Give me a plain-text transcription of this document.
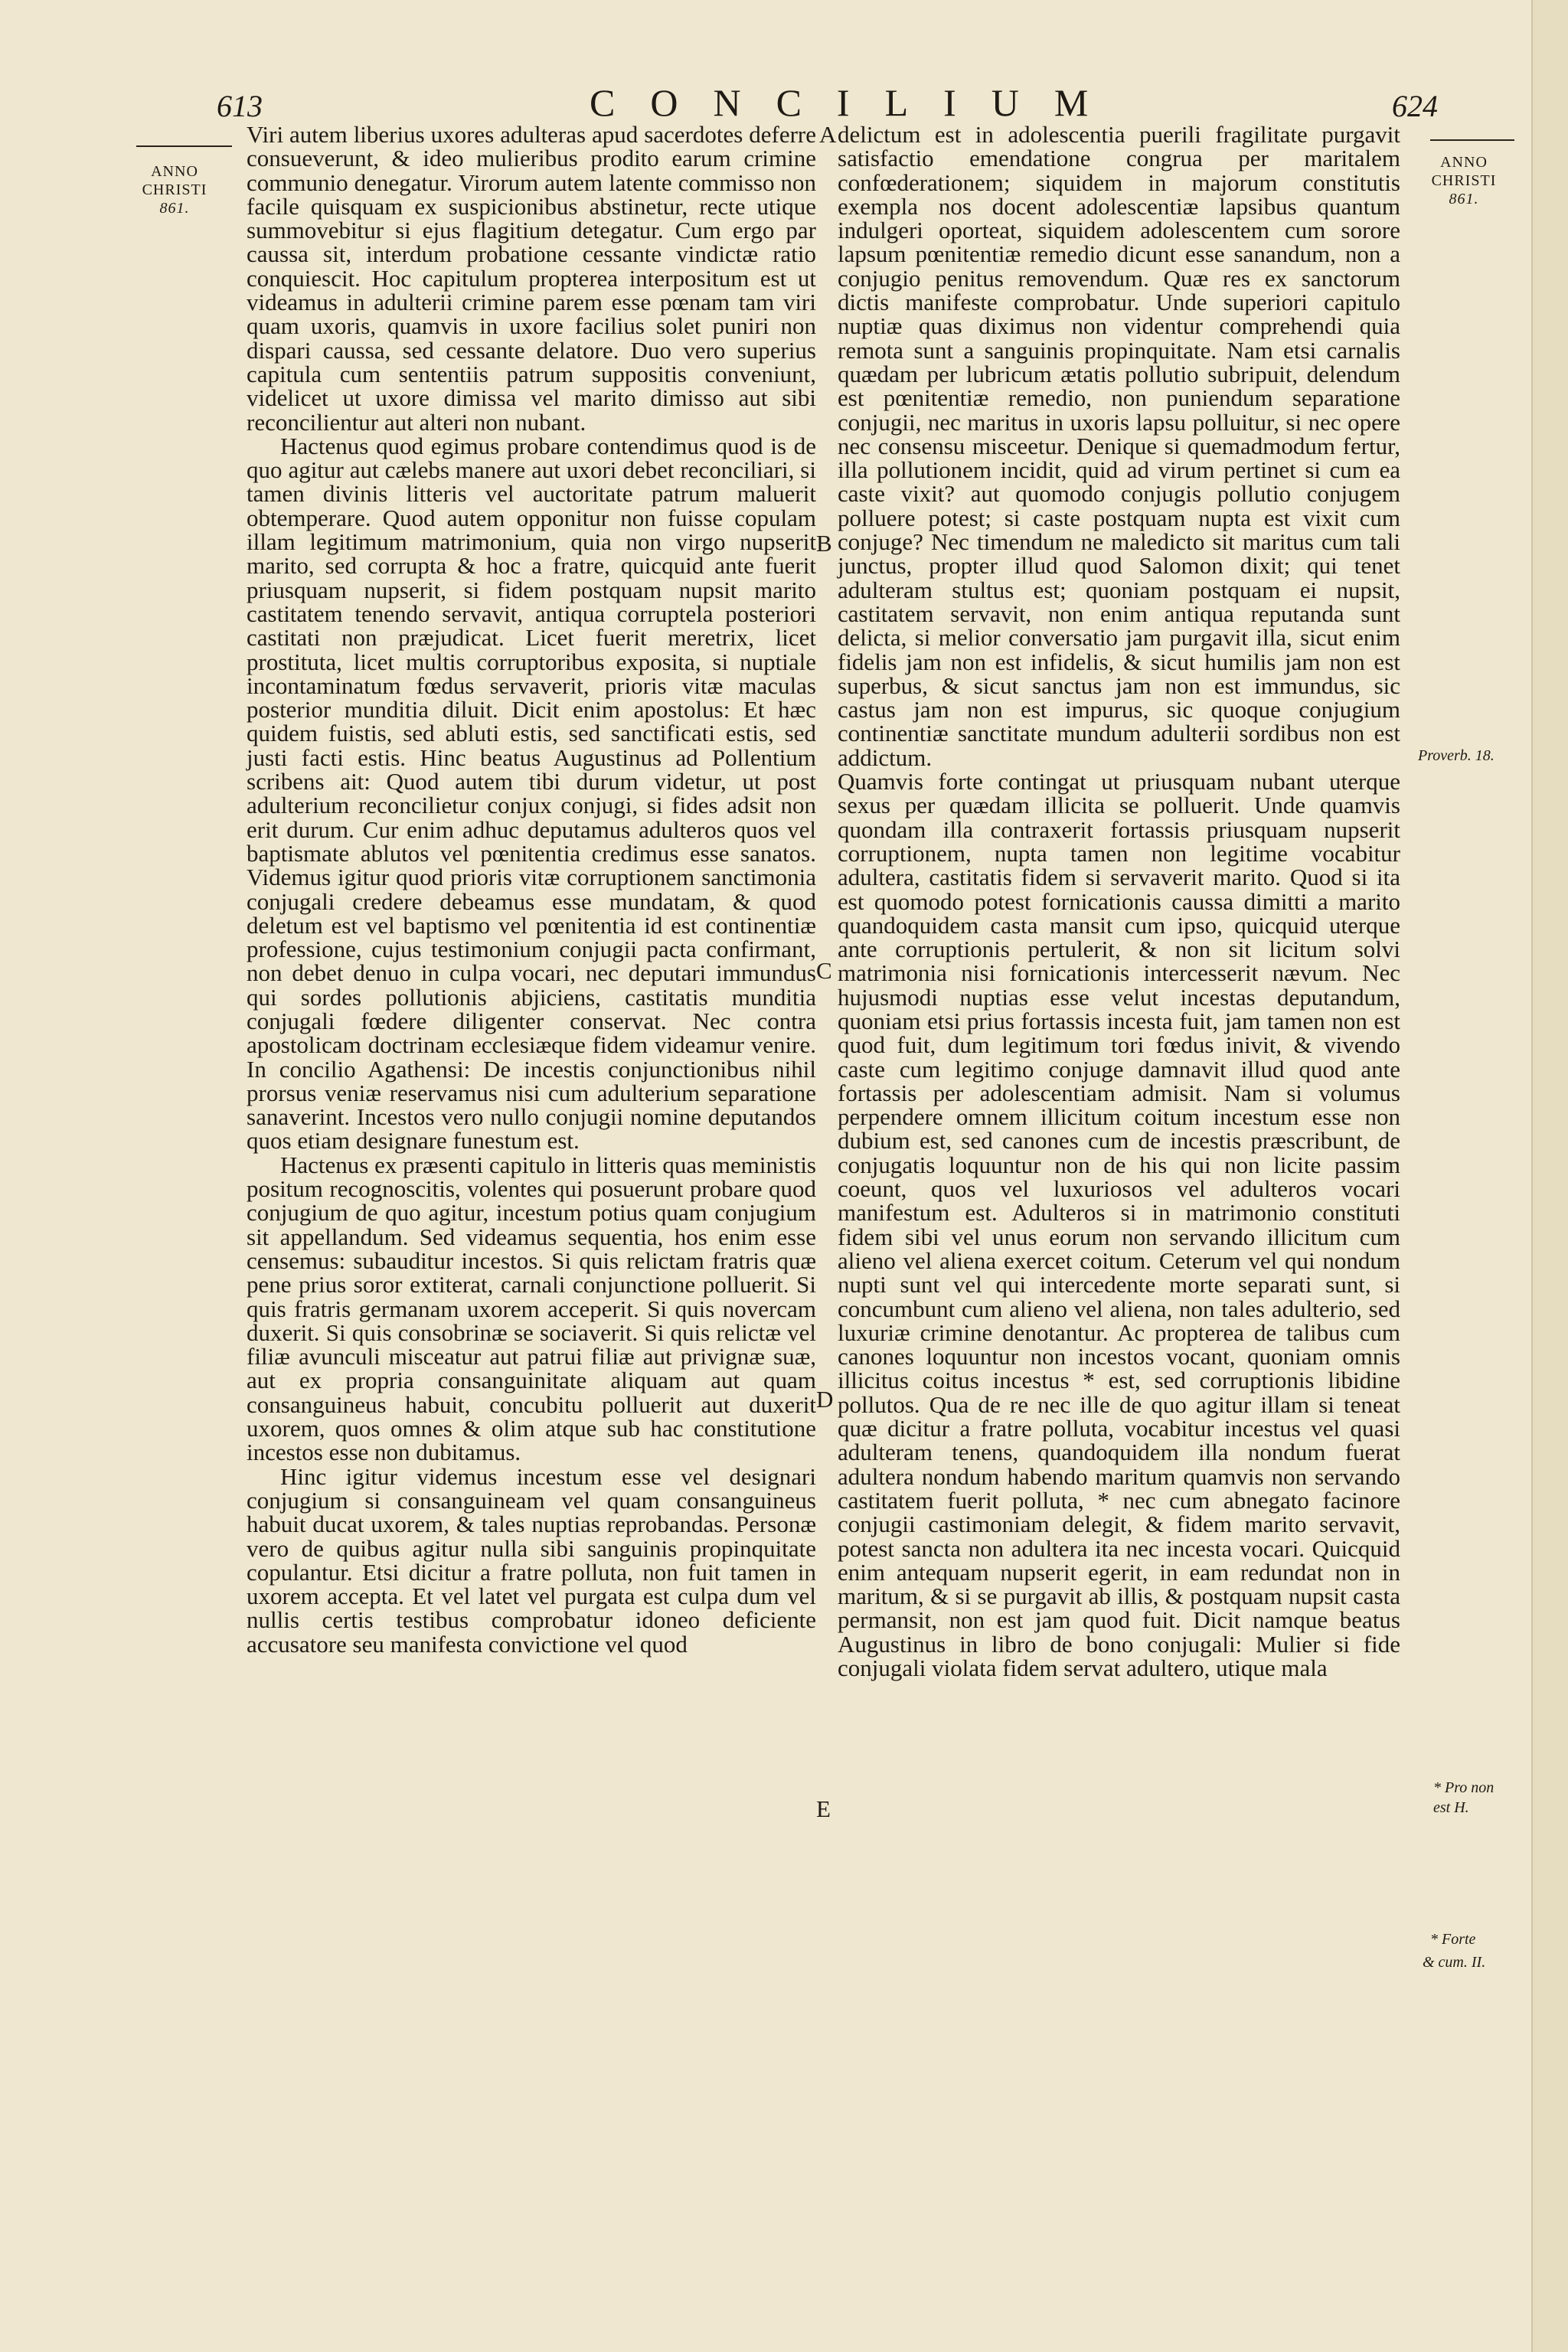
613	CONCILIUM	624
ANNO
CHRISTI
861.
ANNO
CHRISTI
861.

Viri autem liberius uxores adulteras apud sacerdotes deferre consueverunt, & ideo mulieribus prodito earum crimine communio denegatur. Virorum autem latente commisso non facile quisquam ex suspicionibus abstinetur, recte utique summovebitur si ejus flagitium detegatur. Cum ergo par caussa sit, interdum probatione cessante vindictæ ratio conquiescit. Hoc capitulum propterea interpositum est ut videamus in adulterii crimine parem esse pœnam tam viri quam uxoris, quamvis in uxore facilius solet puniri non dispari caussa, sed cessante delatore. Duo vero superius capitula cum sententiis patrum suppositis conveniunt, videlicet ut uxore dimissa vel marito dimisso aut sibi reconcilientur aut alteri non nubant.

Hactenus quod egimus probare contendimus quod is de quo agitur aut cælebs manere aut uxori debet reconciliari, si tamen divinis litteris vel auctoritate patrum maluerit obtemperare. Quod autem opponitur non fuisse copulam illam legitimum matrimonium, quia non virgo nupserit marito, sed corrupta & hoc a fratre, quicquid ante fuerit priusquam nupserit, si fidem postquam nupsit marito castitatem tenendo servavit, antiqua corruptela posteriori castitati non præjudicat. Licet fuerit meretrix, licet prostituta, licet multis corruptoribus exposita, si nuptiale incontaminatum fœdus servaverit, prioris vitæ maculas posterior munditia diluit. Dicit enim apostolus: Et hæc quidem fuistis, sed abluti estis, sed sanctificati estis, sed justi facti estis. Hinc beatus Augustinus ad Pollentium scribens ait: Quod autem tibi durum videtur, ut post adulterium reconcilietur conjux conjugi, si fides adsit non erit durum. Cur enim adhuc deputamus adulteros quos vel baptismate ablutos vel pœnitentia credimus esse sanatos. Videmus igitur quod prioris vitæ corruptionem sanctimonia conjugali credere debeamus esse mundatam, & quod deletum est vel baptismo vel pœnitentia id est continentiæ professione, cujus testimonium conjugii pacta confirmant, non debet denuo in culpa vocari, nec deputari immundus qui sordes pollutionis abjiciens, castitatis munditia conjugali fœdere diligenter conservat. Nec contra apostolicam doctrinam ecclesiæque fidem videamur venire. In concilio Agathensi: De incestis conjunctionibus nihil prorsus veniæ reservamus nisi cum adulterium separatione sanaverint. Incestos vero nullo conjugii nomine deputandos quos etiam designare funestum est.

Hactenus ex præsenti capitulo in litteris quas meministis positum recognoscitis, volentes qui posuerunt probare quod conjugium de quo agitur, incestum potius quam conjugium sit appellandum. Sed videamus sequentia, hos enim esse censemus: subauditur incestos. Si quis relictam fratris quæ pene prius soror extiterat, carnali conjunctione polluerit. Si quis fratris germanam uxorem acceperit. Si quis novercam duxerit. Si quis consobrinæ se sociaverit. Si quis relictæ vel filiæ avunculi misceatur aut patrui filiæ aut privignæ suæ, aut ex propria consanguinitate aliquam aut quam consanguineus habuit, concubitu polluerit aut duxerit uxorem, quos omnes & olim atque sub hac constitutione incestos esse non dubitamus.

Hinc igitur videmus incestum esse vel designari conjugium si consanguineam vel quam consanguineus habuit ducat uxorem, & tales nuptias reprobandas. Personæ vero de quibus agitur nulla sibi sanguinis propinquitate copulantur. Etsi dicitur a fratre polluta, non fuit tamen in uxorem accepta. Et vel latet vel purgata est culpa dum vel nullis certis testibus comprobatur idoneo deficiente accusatore seu manifesta convictione vel quod

delictum est in adolescentia puerili fragilitate purgavit satisfactio emendatione congrua per maritalem confœderationem; siquidem in majorum constitutis exempla nos docent adolescentiæ lapsibus quantum indulgeri oporteat, siquidem adolescentem cum sorore lapsum pœnitentiæ remedio dicunt esse sanandum, non a conjugio penitus removendum. Quæ res ex sanctorum dictis manifeste comprobatur. Unde superiori capitulo nuptiæ quas diximus non videntur comprehendi quia remota sunt a sanguinis propinquitate. Nam etsi carnalis quædam per lubricum ætatis pollutio subripuit, delendum est pœnitentiæ remedio, non puniendum separatione conjugii, nec maritus in uxoris lapsu polluitur, si nec opere nec consensu misceetur. Denique si quemadmodum fertur, illa pollutionem incidit, quid ad virum pertinet si cum ea caste vixit? aut quomodo conjugis pollutio conjugem polluere potest; si caste postquam nupta est vixit cum conjuge? Nec timendum ne maledicto sit maritus cum tali junctus, propter illud quod Salomon dixit; qui tenet adulteram stultus est; quoniam postquam ei nupsit, castitatem servavit, non enim antiqua reputanda sunt delicta, si melior conversatio jam purgavit illa, sicut enim fidelis jam non est infidelis, & sicut humilis jam non est superbus, & sicut sanctus jam non est immundus, sic castus jam non est impurus, sic quoque conjugium continentiæ sanctitate mundum adulterii sordibus non est addictum.

Quamvis forte contingat ut priusquam nubant uterque sexus per quædam illicita se polluerit. Unde quamvis quondam illa contraxerit fortassis priusquam nupserit corruptionem, nupta tamen non legitime vocabitur adultera, castitatis fidem si servaverit marito. Quod si ita est quomodo potest fornicationis caussa dimitti a marito quandoquidem casta mansit cum ipso, quicquid uterque ante corruptionis pertulerit, & non sit licitum solvi matrimonia nisi fornicationis intercesserit nævum. Nec hujusmodi nuptias esse velut incestas deputandum, quoniam etsi prius fortassis incesta fuit, jam tamen non est quod fuit, dum legitimum tori fœdus inivit, & vivendo caste cum legitimo conjuge damnavit illud quod ante fortassis per adolescentiam admisit. Nam si volumus perpendere omnem illicitum coitum incestum esse non dubium est, sed canones cum de incestis præscribunt, de conjugatis loquuntur non de his qui non licite passim coeunt, quos vel luxuriosos vel adulteros vocari manifestum est. Adulteros si in matrimonio constituti fidem sibi vel unus eorum non servando illicitum cum alieno vel aliena exercet coitum. Ceterum vel qui nondum nupti sunt vel qui intercedente morte separati sunt, si concumbunt cum alieno vel aliena, non tales adulterio, sed luxuriæ crimine denotantur. Ac propterea de talibus cum canones loquuntur non incestos vocant, quoniam omnis illicitus coitus incestus * est, sed corruptionis libidine pollutos. Qua de re nec ille de quo agitur illam si teneat quæ dicitur a fratre polluta, vocabitur incestus vel quasi adulteram tenens, quandoquidem illa nondum fuerat adultera nondum habendo maritum quamvis non servando castitatem fuerit polluta, * nec cum abnegato facinore conjugii castimoniam delegit, & fidem marito servavit, potest sancta non adultera ita nec incesta vocari. Quicquid enim antequam nupserit egerit, in eam redundat non in maritum, & si se purgavit ab illis, & postquam nupsit casta permansit, non est jam quod fuit. Dicit namque beatus Augustinus in libro de bono conjugali: Mulier si fide conjugali violata fidem servat adultero, utique mala

A
B
C
D
E
Proverb. 18.
* Pro non
est H.
* Forte
& cum. II.
